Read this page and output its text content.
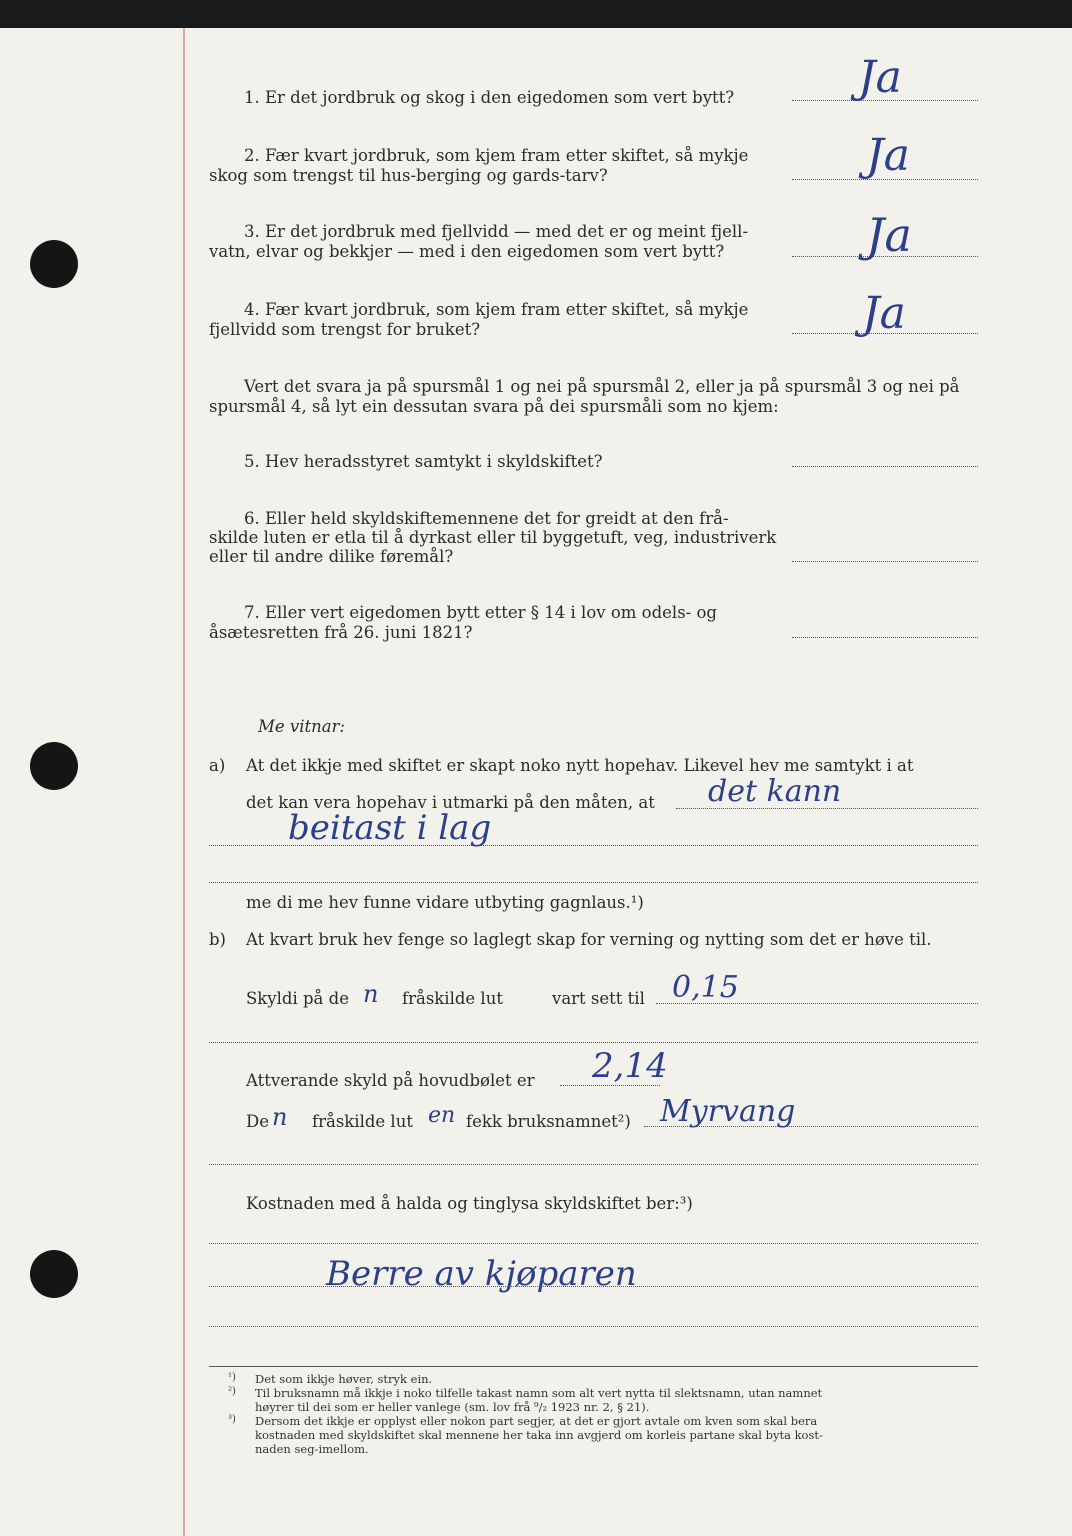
1. Er det jordbruk og skog i den eigedomen som vert bytt?	Ja
2. Fær kvart jordbruk, som kjem fram etter skiftet, så mykje
skog som trengst til hus-berging og gards-tarv?	Ja
3. Er det jordbruk med fjellvidd — med det er og meint fjell-
vatn, elvar og bekkjer — med i den eigedomen som vert bytt?	Ja
4. Fær kvart jordbruk, som kjem fram etter skiftet, så mykje
fjellvidd som trengst for bruket?	Ja
Vert det svara ja på spursmål 1 og nei på spursmål 2, eller ja på spursmål 3 og nei på
spursmål 4, så lyt ein dessutan svara på dei spursmåli som no kjem:
5. Hev heradsstyret samtykt i skyldskiftet?
6. Eller held skyldskiftemennene det for greidt at den frå-
skilde luten er etla til å dyrkast eller til byggetuft, veg, industriverk
eller til andre dilike føremål?
7. Eller vert eigedomen bytt etter § 14 i lov om odels- og
åsætesretten frå 26. juni 1821?
Me vitnar:
a) At det ikkje med skiftet er skapt noko nytt hopehav. Likevel hev me samtykt i at
det kan vera hopehav i utmarki på den måten, at det kann
beitast i lag
me di me hev funne vidare utbyting gagnlaus.¹)
b) At kvart bruk hev fenge so laglegt skap for verning og nytting som det er høve til.
Skyldi på de n fråskilde lut	vart sett til 0,15
Attverande skyld på hovudbølet er 2,14
De n fråskilde lut en fekk bruksnamnet²) Myrvang
Kostnaden med å halda og tinglysa skyldskiftet ber:³)
Berre av kjøparen
¹) Det som ikkje høver, stryk ein.
²) Til bruksnamn må ikkje i noko tilfelle takast namn som alt vert nytta til slektsnamn, utan namnet
høyrer til dei som er heller vanlege (sm. lov frå ⁹/₂ 1923 nr. 2, § 21).
³) Dersom det ikkje er opplyst eller nokon part segjer, at det er gjort avtale om kven som skal bera
kostnaden med skyldskiftet skal mennene her taka inn avgjerd om korleis partane skal byta kost-
naden seg-imellom.
